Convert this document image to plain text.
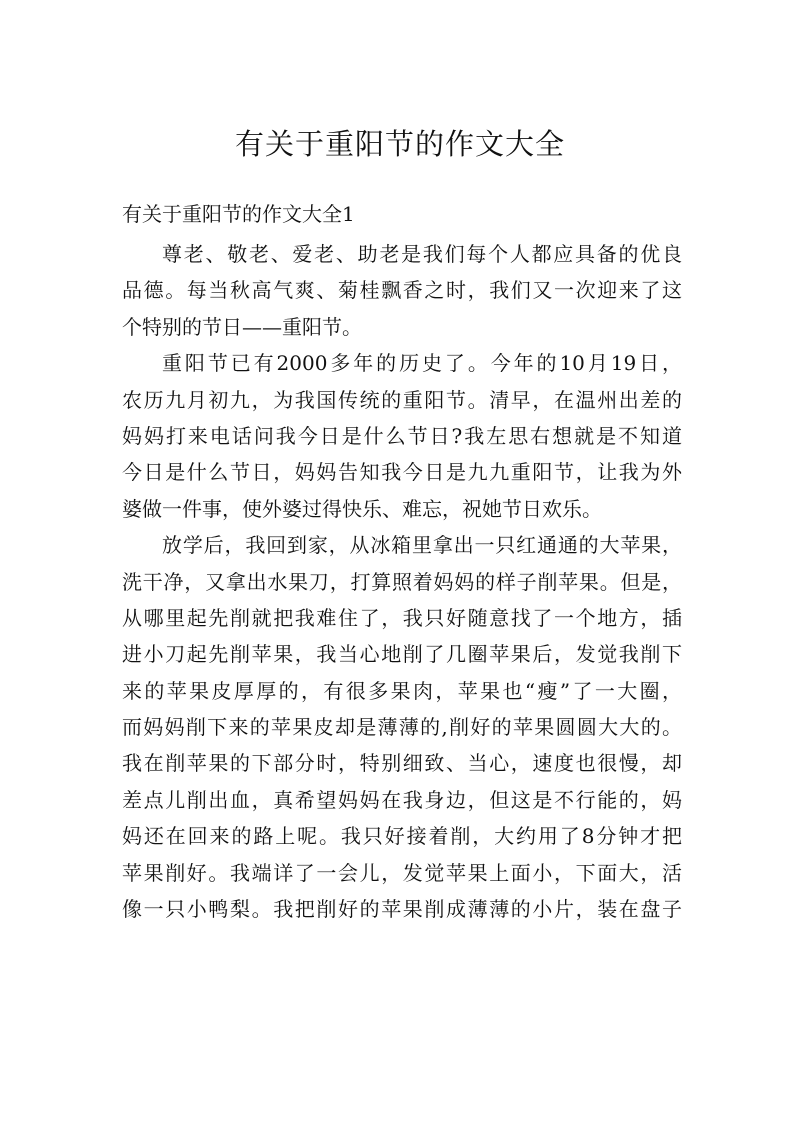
有关于重阳节的作文大全

有关于重阳节的作文大全1

尊老、敬老、爱老、助老是我们每个人都应具备的优良
品德。每当秋高气爽、菊桂飘香之时，我们又一次迎来了这
个特别的节日——重阳节。
重阳节已有2000多年的历史了。今年的10月19日，
农历九月初九，为我国传统的重阳节。清早，在温州出差的
妈妈打来电话问我今日是什么节日?我左思右想就是不知道
今日是什么节日，妈妈告知我今日是九九重阳节，让我为外
婆做一件事，使外婆过得快乐、难忘，祝她节日欢乐。
放学后，我回到家，从冰箱里拿出一只红通通的大苹果，
洗干净，又拿出水果刀，打算照着妈妈的样子削苹果。但是，
从哪里起先削就把我难住了，我只好随意找了一个地方，插
进小刀起先削苹果，我当心地削了几圈苹果后，发觉我削下
来的苹果皮厚厚的，有很多果肉，苹果也“瘦”了一大圈，
而妈妈削下来的苹果皮却是薄薄的,削好的苹果圆圆大大的。
我在削苹果的下部分时，特别细致、当心，速度也很慢，却
差点儿削出血，真希望妈妈在我身边，但这是不行能的，妈
妈还在回来的路上呢。我只好接着削，大约用了8分钟才把
苹果削好。我端详了一会儿，发觉苹果上面小，下面大，活
像一只小鸭梨。我把削好的苹果削成薄薄的小片，装在盘子
